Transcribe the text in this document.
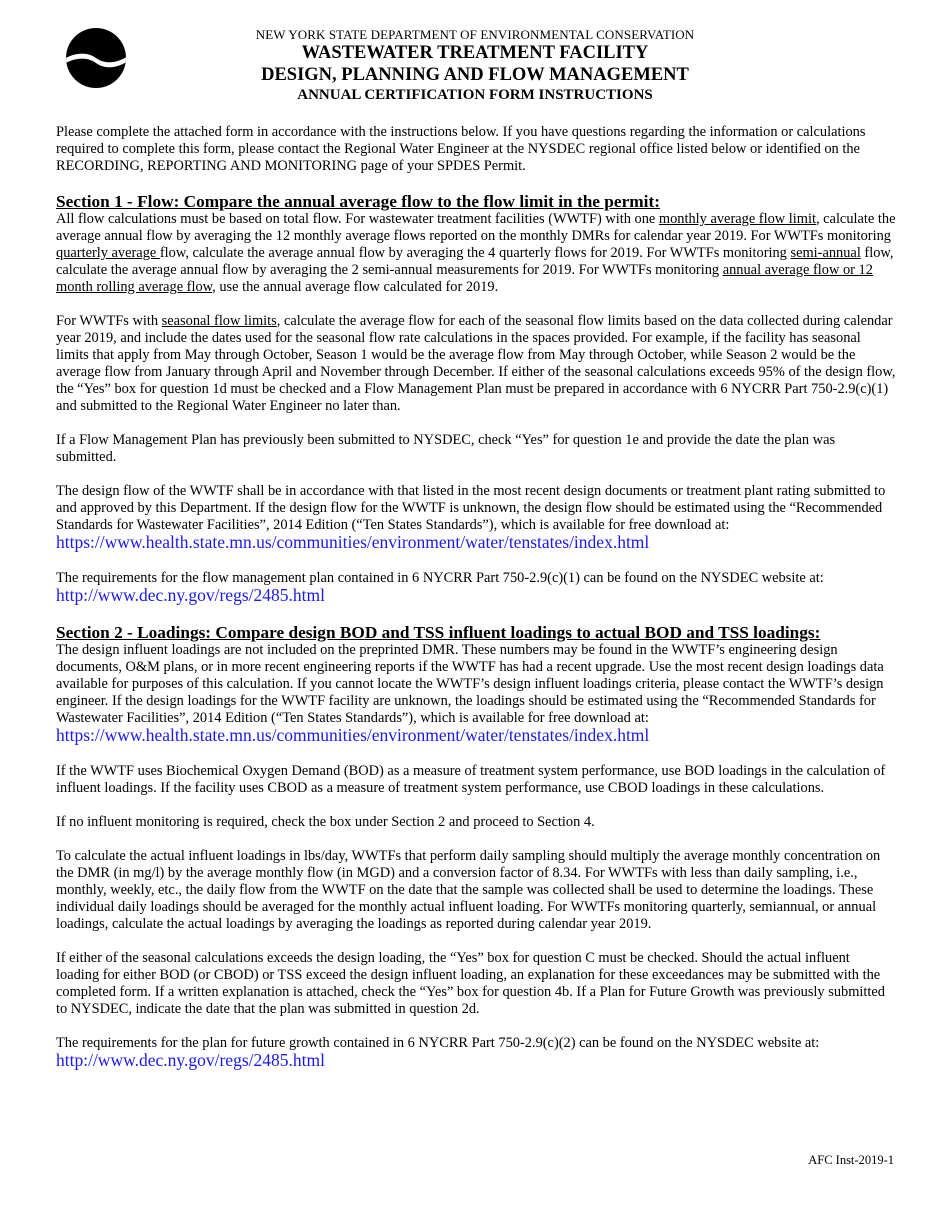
NEW YORK STATE DEPARTMENT OF ENVIRONMENTAL CONSERVATION
WASTEWATER TREATMENT FACILITY
DESIGN, PLANNING AND FLOW MANAGEMENT
ANNUAL CERTIFICATION FORM INSTRUCTIONS

Please complete the attached form in accordance with the instructions below. If you have questions regarding the information or calculations required to complete this form, please contact the Regional Water Engineer at the NYSDEC regional office listed below or identified on the RECORDING, REPORTING AND MONITORING page of your SPDES Permit.

Section 1 - Flow: Compare the annual average flow to the flow limit in the permit:

All flow calculations must be based on total flow. For wastewater treatment facilities (WWTF) with one monthly average flow limit, calculate the average annual flow by averaging the 12 monthly average flows reported on the monthly DMRs for calendar year 2019. For WWTFs monitoring quarterly average flow, calculate the average annual flow by averaging the 4 quarterly flows for 2019. For WWTFs monitoring semi-annual flow, calculate the average annual flow by averaging the 2 semi-annual measurements for 2019. For WWTFs monitoring annual average flow or 12 month rolling average flow, use the annual average flow calculated for 2019.

For WWTFs with seasonal flow limits, calculate the average flow for each of the seasonal flow limits based on the data collected during calendar year 2019, and include the dates used for the seasonal flow rate calculations in the spaces provided. For example, if the facility has seasonal limits that apply from May through October, Season 1 would be the average flow from May through October, while Season 2 would be the average flow from January through April and November through December. If either of the seasonal calculations exceeds 95% of the design flow, the “Yes” box for question 1d must be checked and a Flow Management Plan must be prepared in accordance with 6 NYCRR Part 750-2.9(c)(1) and submitted to the Regional Water Engineer no later than.

If a Flow Management Plan has previously been submitted to NYSDEC, check “Yes” for question 1e and provide the date the plan was submitted.

The design flow of the WWTF shall be in accordance with that listed in the most recent design documents or treatment plant rating submitted to and approved by this Department. If the design flow for the WWTF is unknown, the design flow should be estimated using the “Recommended Standards for Wastewater Facilities”, 2014 Edition (“Ten States Standards”), which is available for free download at: https://www.health.state.mn.us/communities/environment/water/tenstates/index.html

The requirements for the flow management plan contained in 6 NYCRR Part 750-2.9(c)(1) can be found on the NYSDEC website at: http://www.dec.ny.gov/regs/2485.html

Section 2 - Loadings: Compare design BOD and TSS influent loadings to actual BOD and TSS loadings:

The design influent loadings are not included on the preprinted DMR. These numbers may be found in the WWTF’s engineering design documents, O&M plans, or in more recent engineering reports if the WWTF has had a recent upgrade. Use the most recent design loadings data available for purposes of this calculation. If you cannot locate the WWTF’s design influent loadings criteria, please contact the WWTF’s design engineer. If the design loadings for the WWTF facility are unknown, the loadings should be estimated using the “Recommended Standards for Wastewater Facilities”, 2014 Edition (“Ten States Standards”), which is available for free download at: https://www.health.state.mn.us/communities/environment/water/tenstates/index.html

If the WWTF uses Biochemical Oxygen Demand (BOD) as a measure of treatment system performance, use BOD loadings in the calculation of influent loadings. If the facility uses CBOD as a measure of treatment system performance, use CBOD loadings in these calculations.

If no influent monitoring is required, check the box under Section 2 and proceed to Section 4.

To calculate the actual influent loadings in lbs/day, WWTFs that perform daily sampling should multiply the average monthly concentration on the DMR (in mg/l) by the average monthly flow (in MGD) and a conversion factor of 8.34. For WWTFs with less than daily sampling, i.e., monthly, weekly, etc., the daily flow from the WWTF on the date that the sample was collected shall be used to determine the loadings. These individual daily loadings should be averaged for the monthly actual influent loading. For WWTFs monitoring quarterly, semiannual, or annual loadings, calculate the actual loadings by averaging the loadings as reported during calendar year 2019.

If either of the seasonal calculations exceeds the design loading, the “Yes” box for question C must be checked. Should the actual influent loading for either BOD (or CBOD) or TSS exceed the design influent loading, an explanation for these exceedances may be submitted with the completed form. If a written explanation is attached, check the “Yes” box for question 4b. If a Plan for Future Growth was previously submitted to NYSDEC, indicate the date that the plan was submitted in question 2d.

The requirements for the plan for future growth contained in 6 NYCRR Part 750-2.9(c)(2) can be found on the NYSDEC website at: http://www.dec.ny.gov/regs/2485.html

AFC Inst-2019-1
